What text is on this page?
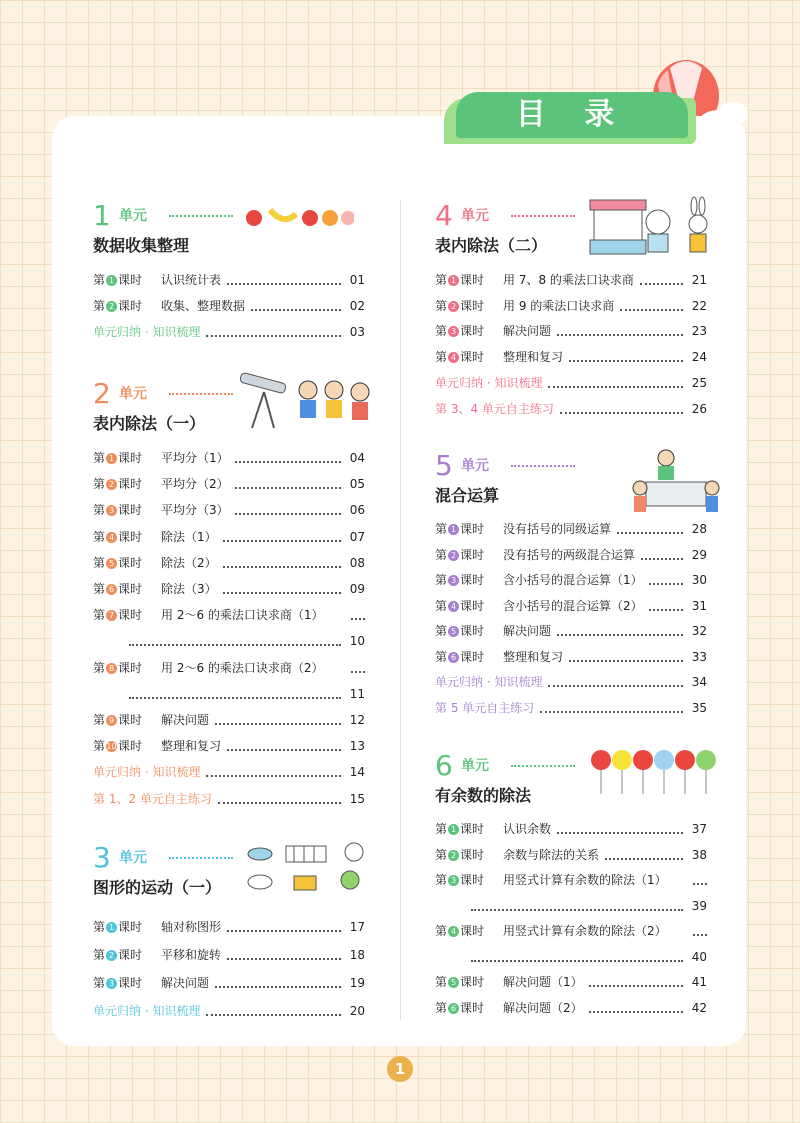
目 录
1 单元
数据收集整理
第 1 课时 认识统计表	01
第 2 课时 收集、整理数据	02
单元归纳 · 知识梳理	03
2 单元
表内除法（一）
第 1 课时 平均分（1）	04
第 2 课时 平均分（2）	05
第 3 课时 平均分（3）	06
第 4 课时 除法（1）	07
第 5 课时 除法（2）	08
第 6 课时 除法（3）	09
第 7 课时 用 2～6 的乘法口诀求商（1）
10
第 8 课时 用 2～6 的乘法口诀求商（2）
11
第 9 课时 解决问题	12
第10课时 整理和复习	13
单元归纳 · 知识梳理	14
第 1、2 单元自主练习	15
3 单元
图形的运动（一）
第 1 课时 轴对称图形	17
第 2 课时 平移和旋转	18
第 3 课时 解决问题	19
单元归纳 · 知识梳理	20
4 单元
表内除法（二）
第 1 课时 用 7、8 的乘法口诀求商	21
第 2 课时 用 9 的乘法口诀求商	22
第 3 课时 解决问题	23
第 4 课时 整理和复习	24
单元归纳 · 知识梳理	25
第 3、4 单元自主练习	26
5 单元
混合运算
第 1 课时 没有括号的同级运算	28
第 2 课时 没有括号的两级混合运算	29
第 3 课时 含小括号的混合运算（1）	30
第 4 课时 含小括号的混合运算（2）	31
第 5 课时 解决问题	32
第 6 课时 整理和复习	33
单元归纳 · 知识梳理	34
第 5 单元自主练习	35
6 单元
有余数的除法
第 1 课时 认识余数	37
第 2 课时 余数与除法的关系	38
第 3 课时 用竖式计算有余数的除法（1）
39
第 4 课时 用竖式计算有余数的除法（2）
40
第 5 课时 解决问题（1）	41
第 6 课时 解决问题（2）	42
1
